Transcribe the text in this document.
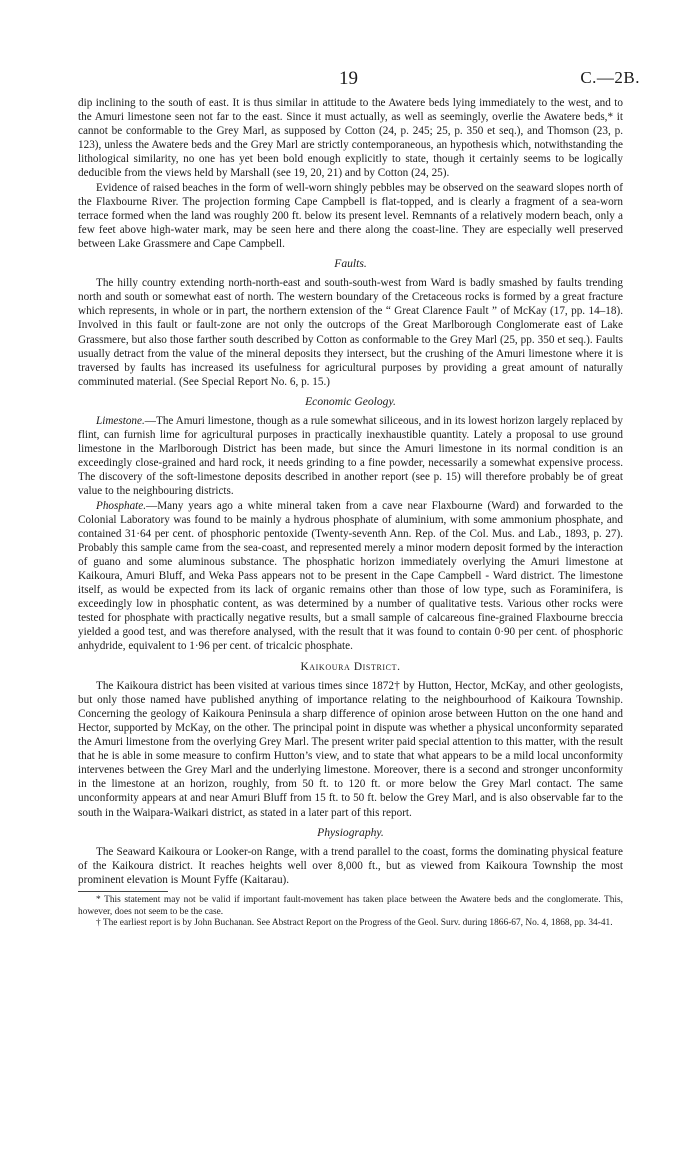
19	C.—2B.

dip inclining to the south of east. It is thus similar in attitude to the Awatere beds lying immediately to the west, and to the Amuri limestone seen not far to the east. Since it must actually, as well as seemingly, overlie the Awatere beds,* it cannot be conformable to the Grey Marl, as supposed by Cotton (24, p. 245; 25, p. 350 et seq.), and Thomson (23, p. 123), unless the Awatere beds and the Grey Marl are strictly contemporaneous, an hypothesis which, notwithstanding the lithological similarity, no one has yet been bold enough explicitly to state, though it certainly seems to be logically deducible from the views held by Marshall (see 19, 20, 21) and by Cotton (24, 25).

Evidence of raised beaches in the form of well-worn shingly pebbles may be observed on the seaward slopes north of the Flaxbourne River. The projection forming Cape Campbell is flat-topped, and is clearly a fragment of a sea-worn terrace formed when the land was roughly 200 ft. below its present level. Remnants of a relatively modern beach, only a few feet above high-water mark, may be seen here and there along the coast-line. They are especially well preserved between Lake Grassmere and Cape Campbell.

Faults.

The hilly country extending north-north-east and south-south-west from Ward is badly smashed by faults trending north and south or somewhat east of north. The western boundary of the Cretaceous rocks is formed by a great fracture which represents, in whole or in part, the northern extension of the “ Great Clarence Fault ” of McKay (17, pp. 14–18). Involved in this fault or fault-zone are not only the outcrops of the Great Marlborough Conglomerate east of Lake Grassmere, but also those farther south described by Cotton as conformable to the Grey Marl (25, pp. 350 et seq.). Faults usually detract from the value of the mineral deposits they intersect, but the crushing of the Amuri limestone where it is traversed by faults has increased its usefulness for agricultural purposes by providing a great amount of naturally comminuted material. (See Special Report No. 6, p. 15.)

Economic Geology.

Limestone.—The Amuri limestone, though as a rule somewhat siliceous, and in its lowest horizon largely replaced by flint, can furnish lime for agricultural purposes in practically inexhaustible quantity. Lately a proposal to use ground limestone in the Marlborough District has been made, but since the Amuri limestone in its normal condition is an exceedingly close-grained and hard rock, it needs grinding to a fine powder, necessarily a somewhat expensive process. The discovery of the soft-limestone deposits described in another report (see p. 15) will therefore probably be of great value to the neighbouring districts.

Phosphate.—Many years ago a white mineral taken from a cave near Flaxbourne (Ward) and forwarded to the Colonial Laboratory was found to be mainly a hydrous phosphate of aluminium, with some ammonium phosphate, and contained 31·64 per cent. of phosphoric pentoxide (Twenty-seventh Ann. Rep. of the Col. Mus. and Lab., 1893, p. 27). Probably this sample came from the sea-coast, and represented merely a minor modern deposit formed by the interaction of guano and some aluminous substance. The phosphatic horizon immediately overlying the Amuri limestone at Kaikoura, Amuri Bluff, and Weka Pass appears not to be present in the Cape Campbell - Ward district. The limestone itself, as would be expected from its lack of organic remains other than those of low type, such as Foraminifera, is exceedingly low in phosphatic content, as was determined by a number of qualitative tests. Various other rocks were tested for phosphate with practically negative results, but a small sample of calcareous fine-grained Flaxbourne breccia yielded a good test, and was therefore analysed, with the result that it was found to contain 0·90 per cent. of phosphoric anhydride, equivalent to 1·96 per cent. of tricalcic phosphate.

Kaikoura District.

The Kaikoura district has been visited at various times since 1872† by Hutton, Hector, McKay, and other geologists, but only those named have published anything of importance relating to the neighbourhood of Kaikoura Township. Concerning the geology of Kaikoura Peninsula a sharp difference of opinion arose between Hutton on the one hand and Hector, supported by McKay, on the other. The principal point in dispute was whether a physical unconformity separated the Amuri limestone from the overlying Grey Marl. The present writer paid special attention to this matter, with the result that he is able in some measure to confirm Hutton’s view, and to state that what appears to be a mild local unconformity intervenes between the Grey Marl and the underlying limestone. Moreover, there is a second and stronger unconformity in the limestone at an horizon, roughly, from 50 ft. to 120 ft. or more below the Grey Marl contact. The same unconformity appears at and near Amuri Bluff from 15 ft. to 50 ft. below the Grey Marl, and is also observable far to the south in the Waipara-Waikari district, as stated in a later part of this report.

Physiography.

The Seaward Kaikoura or Looker-on Range, with a trend parallel to the coast, forms the dominating physical feature of the Kaikoura district. It reaches heights well over 8,000 ft., but as viewed from Kaikoura Township the most prominent elevation is Mount Fyffe (Kaitarau).

* This statement may not be valid if important fault-movement has taken place between the Awatere beds and the conglomerate. This, however, does not seem to be the case.

† The earliest report is by John Buchanan. See Abstract Report on the Progress of the Geol. Surv. during 1866-67, No. 4, 1868, pp. 34-41.
